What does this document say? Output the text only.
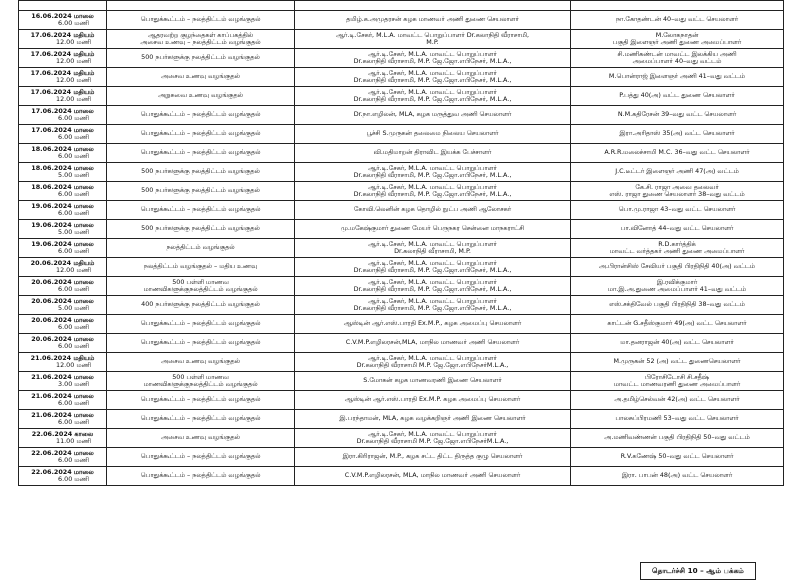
16.06.2024 மாலை
6.00 மணி	பொதுக்கூட்டம் – நலத்திட்டம் வழங்குதல்	தமிழ்.க.அமுதரசன் கழக மாணவர் அணி துணை செயலாளர்	நா.கோதண்டன் 40–வது வட்ட செயலாளர்

17.06.2024 மதியம்
12.00 மணி	ஆதரவற்ற குழந்தைகள் காப்பகத்தில்
அசைவ உணவு – நலத்திட்டம் வழங்குதல்	ஆர்.டி.சேகர், M.L.A. மாவட்ட பொறுப்பாளர் Dr.கலாநிதி வீராசாமி,
M.P.	M.லோகநாதன்
பகுதி இளைஞர் அணி துணை அமைப்பாளர்

17.06.2024 மதியம்
12.00 மணி	500 நபர்களுக்கு நலத்திட்டம் வழங்குதல்	ஆர்.டி.சேகர், M.L.A. மாவட்ட பொறுப்பாளர்
Dr.கலாநிதி வீராசாமி, M.P. ஜே.ஜோ.எபிநேசர், M.L.A.,	சி.மணிகண்டன் மாவட்ட இலக்கிய அணி
அமைப்பாளர் 40–வது வட்டம்

17.06.2024 மதியம்
12.00 மணி	அசைவ உணவு வழங்குதல்	ஆர்.டி.சேகர், M.L.A. மாவட்ட பொறுப்பாளர்
Dr.கலாநிதி வீராசாமி, M.P. ஜே.ஜோ.எபிநேசர், M.L.A.,	M.பொன்ராஜ் இளைஞர் அணி 41–வது வட்டம்

17.06.2024 மதியம்
12.00 மணி	அறுசுவை உணவு வழங்குதல்	ஆர்.டி.சேகர், M.L.A. மாவட்ட பொறுப்பாளர்
Dr.கலாநிதி வீராசாமி, M.P. ஜே.ஜோ.எபிநேசர், M.L.A.,	P.பத்து 40(அ) வட்ட துணை செயலாளர்

17.06.2024 மாலை
6.00 மணி	பொதுக்கூட்டம் – நலத்திட்டம் வழங்குதல்	Dr.நா.எழிலன், MLA, கழக மருத்துவ அணி செயலாளர்	N.M.கதிரேசன் 39–வது வட்ட செயலாளர்

17.06.2024 மாலை
6.00 மணி	பொதுக்கூட்டம் – நலத்திட்டம் வழங்குதல்	பூச்சி S.முருகன் தலைமை நிலைய செயலாளர்	இரா.அரிதாஸ் 35(அ) வட்ட செயலாளர்

18.06.2024 மாலை
6.00 மணி	பொதுக்கூட்டம் – நலத்திட்டம் வழங்குதல்	வி.மதிமாறன் திராவிட இயக்க பேச்சாளர்	A.R.R.மலைச்சாமி M.C. 36–வது வட்ட செயலாளர்

18.06.2024 மாலை
5.00 மணி	500 நபர்களுக்கு நலத்திட்டம் வழங்குதல்	ஆர்.டி.சேகர், M.L.A. மாவட்ட பொறுப்பாளர்
Dr.கலாநிதி வீராசாமி, M.P. ஜே.ஜோ.எபிநேசர், M.L.A.,	J.C.டீட்டர் இளைஞர் அணி 47(அ) வட்டம்

18.06.2024 மாலை
6.00 மணி	500 நபர்களுக்கு நலத்திட்டம் வழங்குதல்	ஆர்.டி.சேகர், M.L.A. மாவட்ட பொறுப்பாளர்
Dr.கலாநிதி வீராசாமி, M.P. ஜே.ஜோ.எபிநேசர், M.L.A.,	கே.சி. ராஜா அவை தலைவர்
எஸ். ராஜா துணை செயலாளர் 38–வது வட்டம்

19.06.2024 மாலை
6.00 மணி	பொதுக்கூட்டம் – நலத்திட்டம் வழங்குதல்	கோவி.லெனின் கழக தொழில் நுட்ப அணி ஆலோசகர்	பொ.மு.ராஜா 43–வது வட்ட செயலாளர்

19.06.2024 மாலை
5.00 மணி	500 நபர்களுக்கு நலத்திட்டம் வழங்குதல்	மு.மகேஷ்குமார் துணை மேயர் பெருநகர சென்னை மாநகராட்சி	பா.வினோத் 44–வது வட்ட செயலாளர்

19.06.2024 மாலை
6.00 மணி	நலத்திட்டம் வழங்குதல்	ஆர்.டி.சேகர், M.L.A. மாவட்ட பொறுப்பாளர்
Dr.கலாநிதி வீராசாமி, M.P.	R.D.கார்த்திக்
மாவட்ட வர்த்தகர் அணி துணை அமைப்பாளர்

20.06.2024 மதியம்
12.00 மணி	நலத்திட்டம் வழங்குதல் – மதிய உணவு	ஆர்.டி.சேகர், M.L.A. மாவட்ட பொறுப்பாளர்
Dr.கலாநிதி வீராசாமி, M.P. ஜே.ஜோ.எபிநேசர், M.L.A.,	அ.பிரான்சிஸ் சேவியர் பகுதி பிரதிநிதி 40(அ) வட்டம்

20.06.2024 மாலை
6.00 மணி	500 பள்ளி மாணவ
மாணவிகளுக்குநலத்திட்டம் வழங்குதல்	ஆர்.டி.சேகர், M.L.A. மாவட்ட பொறுப்பாளர்
Dr.கலாநிதி வீராசாமி, M.P. ஜே.ஜோ.எபிநேசர், M.L.A.,	இ.ரவிக்குமார்
மா.இ.அ.துணை அமைப்பாளர் 41–வது வட்டம்

20.06.2024 மாலை
5.00 மணி	400 நபர்களுக்கு நலத்திட்டம் வழங்குதல்	ஆர்.டி.சேகர், M.L.A. மாவட்ட பொறுப்பாளர்
Dr.கலாநிதி வீராசாமி, M.P. ஜே.ஜோ.எபிநேசர், M.L.A.,	எஸ்.சக்திவேல் பகுதி பிரதிநிதி 38–வது வட்டம்

20.06.2024 மாலை
6.00 மணி	பொதுக்கூட்டம் – நலத்திட்டம் வழங்குதல்	ஆஸ்டின் ஆர்.எஸ்.பாரதி Ex.M.P., கழக அமைப்பு செயலாளர்	காட்டன் G.சதீஸ்குமார் 49(அ) வட்ட செயலாளர்

20.06.2024 மாலை
6.00 மணி	பொதுக்கூட்டம் – நலத்திட்டம் வழங்குதல்	C.V.M.P.எழிலரசன்,MLA, மாநில மாணவர் அணி செயலாளர்	மா.தனராஜன் 40(அ) வட்ட செயலாளர்

21.06.2024 மதியம்
12.00 மணி	அசைவ உணவு வழங்குதல்	ஆர்.டி.சேகர், M.L.A. மாவட்ட பொறுப்பாளர்
Dr.கலாநிதி வீராசாமி M.P. ஜே.ஜோ.எபிநேசர்M.L.A.,	M.முருகன் 52 (அ) வட்ட துணைசெயலாளர்

21.06.2024 மாலை
3.00 மணி	500 பள்ளி மாணவ
மாணவிகளுக்குநலத்திட்டம் வழங்குதல்	S.மோகன் கழக மாணவரணி இணை செயலாளர்	பிரோசிடோசி சி.சதீஷ்
மாவட்ட மாணவரணி துணை அமைப்பாளர்

21.06.2024 மாலை
6.00 மணி	பொதுக்கூட்டம் – நலத்திட்டம் வழங்குதல்	ஆஸ்டின் ஆர்.எஸ்.பாரதி Ex.M.P. கழக அமைப்பு செயலாளர்	அ.தமிழ்செல்வன் 42(அ) வட்ட செயலாளர்

21.06.2024 மாலை
6.00 மணி	பொதுக்கூட்டம் – நலத்திட்டம் வழங்குதல்	இ.பரந்தாமன், MLA, கழக வழக்கறிஞர் அணி இணை செயலாளர்	பாலசுப்பிரமணி 53–வது வட்ட செயலாளர்

22.06.2024 காலை
11.00 மணி	அசைவ உணவு வழங்குதல்	ஆர்.டி.சேகர், M.L.A. மாவட்ட பொறுப்பாளர்
Dr.கலாநிதி வீராசாமி M.P. ஜே.ஜோ.எபிநேசர்M.L.A.,	அ.மணிவண்ணன் பகுதி பிரதிநிதி 50–வது வட்டம்

22.06.2024 மாலை
6.00 மணி	பொதுக்கூட்டம் – நலத்திட்டம் வழங்குதல்	இரா.கிரிராஜன், M.P., கழக சட்ட திட்ட திருத்த குழு செயலாளர்	R.V.கணேஷ் 50–வது வட்ட செயலாளர்

22.06.2024 மாலை
6.00 மணி	பொதுக்கூட்டம் – நலத்திட்டம் வழங்குதல்	C.V.M.P.எழிலரசன், MLA, மாநில மாணவர் அணி செயலாளர்	இரா. பாபன் 48(அ) வட்ட செயலாளர்
தொடர்ச்சி 10 – ஆம் பக்கம்
